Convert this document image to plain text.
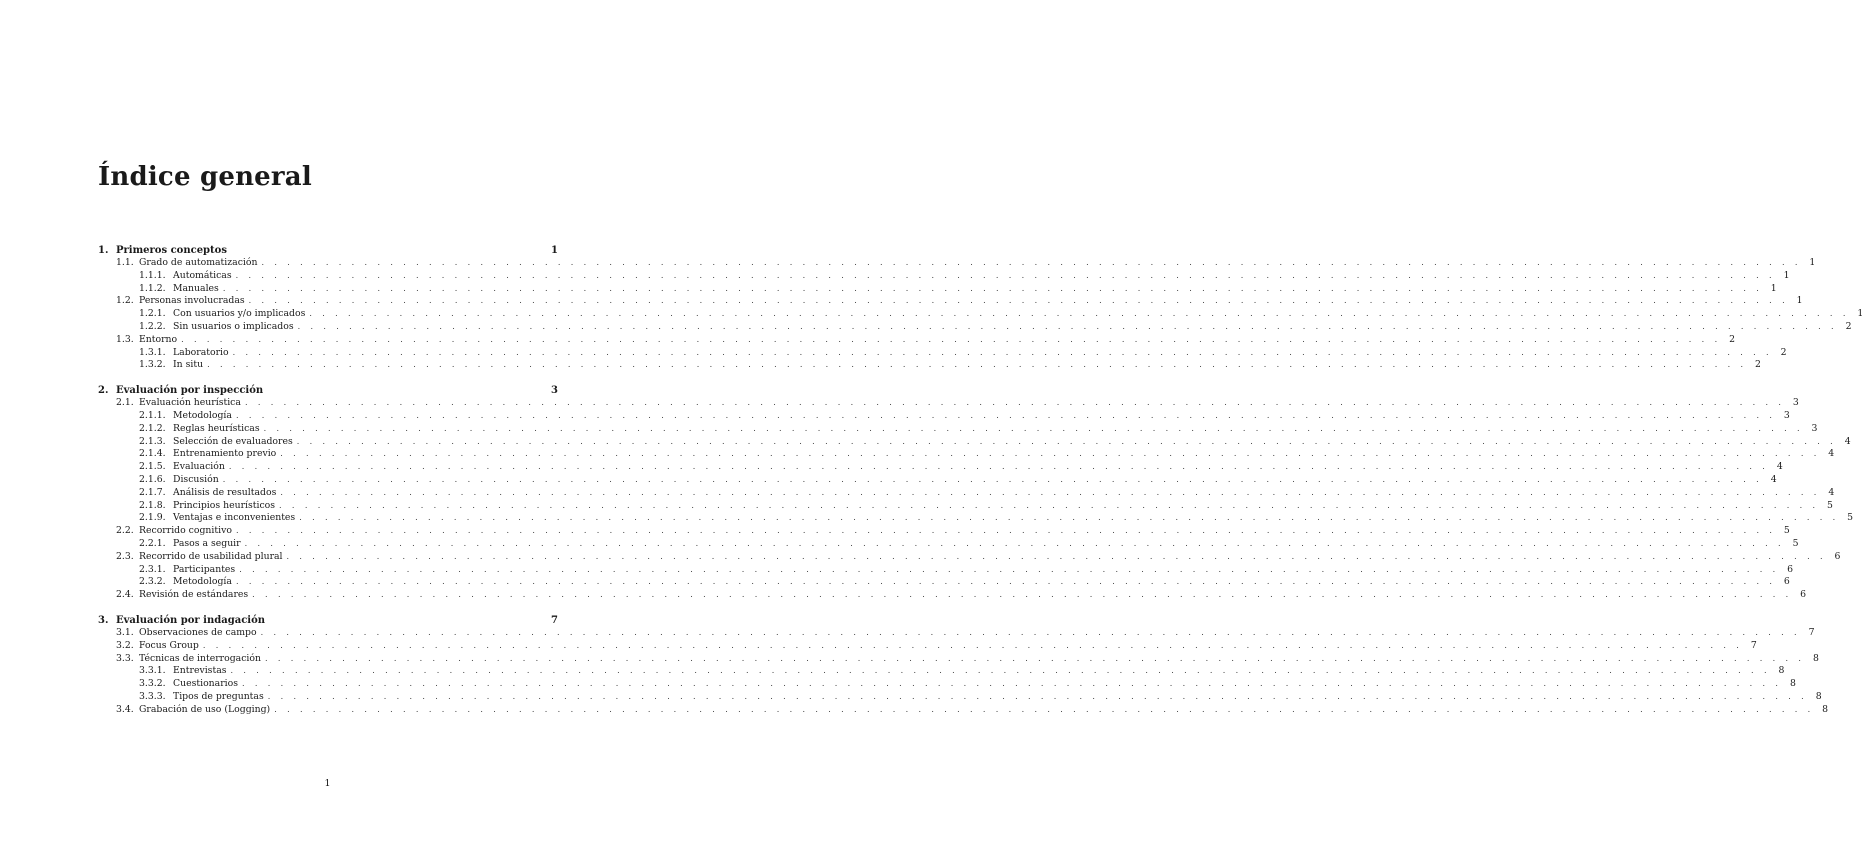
Índice general
1. Primeros conceptos	1
1.1. Grado de automatización . . . . . . . . . . . . . . . . . . . . . . . . . . . . . . . . . . . . . . . . . . . . . . . . . . . . . . . . . . . . . . . . . . . . . . . . . . . . . . . . . . . . . . . . . . . . . . . . . . . . . . . . . . . . . . . . . . . . . . . . 1
1.1.1. Automáticas . . . . . . . . . . . . . . . . . . . . . . . . . . . . . . . . . . . . . . . . . . . . . . . . . . . . . . . . . . . . . . . . . . . . . . . . . . . . . . . . . . . . . . . . . . . . . . . . . . . . . . . . . . . . . . . . . . . . . . . . 1
1.1.2. Manuales . . . . . . . . . . . . . . . . . . . . . . . . . . . . . . . . . . . . . . . . . . . . . . . . . . . . . . . . . . . . . . . . . . . . . . . . . . . . . . . . . . . . . . . . . . . . . . . . . . . . . . . . . . . . . . . . . . . . . . . . 1
1.2. Personas involucradas . . . . . . . . . . . . . . . . . . . . . . . . . . . . . . . . . . . . . . . . . . . . . . . . . . . . . . . . . . . . . . . . . . . . . . . . . . . . . . . . . . . . . . . . . . . . . . . . . . . . . . . . . . . . . . . . . . . . . . . . 1
1.2.1. Con usuarios y/o implicados . . . . . . . . . . . . . . . . . . . . . . . . . . . . . . . . . . . . . . . . . . . . . . . . . . . . . . . . . . . . . . . . . . . . . . . . . . . . . . . . . . . . . . . . . . . . . . . . . . . . . . . . . . . . . . . . . . . . . . . . 1
1.2.2. Sin usuarios o implicados . . . . . . . . . . . . . . . . . . . . . . . . . . . . . . . . . . . . . . . . . . . . . . . . . . . . . . . . . . . . . . . . . . . . . . . . . . . . . . . . . . . . . . . . . . . . . . . . . . . . . . . . . . . . . . . . . . . . . . . . 2
1.3. Entorno . . . . . . . . . . . . . . . . . . . . . . . . . . . . . . . . . . . . . . . . . . . . . . . . . . . . . . . . . . . . . . . . . . . . . . . . . . . . . . . . . . . . . . . . . . . . . . . . . . . . . . . . . . . . . . . . . . . . . . . . 2
1.3.1. Laboratorio . . . . . . . . . . . . . . . . . . . . . . . . . . . . . . . . . . . . . . . . . . . . . . . . . . . . . . . . . . . . . . . . . . . . . . . . . . . . . . . . . . . . . . . . . . . . . . . . . . . . . . . . . . . . . . . . . . . . . . . . 2
1.3.2. In situ . . . . . . . . . . . . . . . . . . . . . . . . . . . . . . . . . . . . . . . . . . . . . . . . . . . . . . . . . . . . . . . . . . . . . . . . . . . . . . . . . . . . . . . . . . . . . . . . . . . . . . . . . . . . . . . . . . . . . . . . 2
2. Evaluación por inspección	3
2.1. Evaluación heurística . . . . . . . . . . . . . . . . . . . . . . . . . . . . . . . . . . . . . . . . . . . . . . . . . . . . . . . . . . . . . . . . . . . . . . . . . . . . . . . . . . . . . . . . . . . . . . . . . . . . . . . . . . . . . . . . . . . . . . . . 3
2.1.1. Metodología . . . . . . . . . . . . . . . . . . . . . . . . . . . . . . . . . . . . . . . . . . . . . . . . . . . . . . . . . . . . . . . . . . . . . . . . . . . . . . . . . . . . . . . . . . . . . . . . . . . . . . . . . . . . . . . . . . . . . . . . 3
2.1.2. Reglas heurísticas . . . . . . . . . . . . . . . . . . . . . . . . . . . . . . . . . . . . . . . . . . . . . . . . . . . . . . . . . . . . . . . . . . . . . . . . . . . . . . . . . . . . . . . . . . . . . . . . . . . . . . . . . . . . . . . . . . . . . . . . 3
2.1.3. Selección de evaluadores . . . . . . . . . . . . . . . . . . . . . . . . . . . . . . . . . . . . . . . . . . . . . . . . . . . . . . . . . . . . . . . . . . . . . . . . . . . . . . . . . . . . . . . . . . . . . . . . . . . . . . . . . . . . . . . . . . . . . . . . 4
2.1.4. Entrenamiento previo . . . . . . . . . . . . . . . . . . . . . . . . . . . . . . . . . . . . . . . . . . . . . . . . . . . . . . . . . . . . . . . . . . . . . . . . . . . . . . . . . . . . . . . . . . . . . . . . . . . . . . . . . . . . . . . . . . . . . . . . 4
2.1.5. Evaluación . . . . . . . . . . . . . . . . . . . . . . . . . . . . . . . . . . . . . . . . . . . . . . . . . . . . . . . . . . . . . . . . . . . . . . . . . . . . . . . . . . . . . . . . . . . . . . . . . . . . . . . . . . . . . . . . . . . . . . . . 4
2.1.6. Discusión . . . . . . . . . . . . . . . . . . . . . . . . . . . . . . . . . . . . . . . . . . . . . . . . . . . . . . . . . . . . . . . . . . . . . . . . . . . . . . . . . . . . . . . . . . . . . . . . . . . . . . . . . . . . . . . . . . . . . . . . 4
2.1.7. Análisis de resultados . . . . . . . . . . . . . . . . . . . . . . . . . . . . . . . . . . . . . . . . . . . . . . . . . . . . . . . . . . . . . . . . . . . . . . . . . . . . . . . . . . . . . . . . . . . . . . . . . . . . . . . . . . . . . . . . . . . . . . . . 4
2.1.8. Principios heurísticos . . . . . . . . . . . . . . . . . . . . . . . . . . . . . . . . . . . . . . . . . . . . . . . . . . . . . . . . . . . . . . . . . . . . . . . . . . . . . . . . . . . . . . . . . . . . . . . . . . . . . . . . . . . . . . . . . . . . . . . . 5
2.1.9. Ventajas e inconvenientes . . . . . . . . . . . . . . . . . . . . . . . . . . . . . . . . . . . . . . . . . . . . . . . . . . . . . . . . . . . . . . . . . . . . . . . . . . . . . . . . . . . . . . . . . . . . . . . . . . . . . . . . . . . . . . . . . . . . . . . . 5
2.2. Recorrido cognitivo . . . . . . . . . . . . . . . . . . . . . . . . . . . . . . . . . . . . . . . . . . . . . . . . . . . . . . . . . . . . . . . . . . . . . . . . . . . . . . . . . . . . . . . . . . . . . . . . . . . . . . . . . . . . . . . . . . . . . . . . 5
2.2.1. Pasos a seguir . . . . . . . . . . . . . . . . . . . . . . . . . . . . . . . . . . . . . . . . . . . . . . . . . . . . . . . . . . . . . . . . . . . . . . . . . . . . . . . . . . . . . . . . . . . . . . . . . . . . . . . . . . . . . . . . . . . . . . . . 5
2.3. Recorrido de usabilidad plural . . . . . . . . . . . . . . . . . . . . . . . . . . . . . . . . . . . . . . . . . . . . . . . . . . . . . . . . . . . . . . . . . . . . . . . . . . . . . . . . . . . . . . . . . . . . . . . . . . . . . . . . . . . . . . . . . . . . . . . . 6
2.3.1. Participantes . . . . . . . . . . . . . . . . . . . . . . . . . . . . . . . . . . . . . . . . . . . . . . . . . . . . . . . . . . . . . . . . . . . . . . . . . . . . . . . . . . . . . . . . . . . . . . . . . . . . . . . . . . . . . . . . . . . . . . . . 6
2.3.2. Metodología . . . . . . . . . . . . . . . . . . . . . . . . . . . . . . . . . . . . . . . . . . . . . . . . . . . . . . . . . . . . . . . . . . . . . . . . . . . . . . . . . . . . . . . . . . . . . . . . . . . . . . . . . . . . . . . . . . . . . . . . 6
2.4. Revisión de estándares . . . . . . . . . . . . . . . . . . . . . . . . . . . . . . . . . . . . . . . . . . . . . . . . . . . . . . . . . . . . . . . . . . . . . . . . . . . . . . . . . . . . . . . . . . . . . . . . . . . . . . . . . . . . . . . . . . . . . . . . 6
3. Evaluación por indagación	7
3.1. Observaciones de campo . . . . . . . . . . . . . . . . . . . . . . . . . . . . . . . . . . . . . . . . . . . . . . . . . . . . . . . . . . . . . . . . . . . . . . . . . . . . . . . . . . . . . . . . . . . . . . . . . . . . . . . . . . . . . . . . . . . . . . . . 7
3.2. Focus Group . . . . . . . . . . . . . . . . . . . . . . . . . . . . . . . . . . . . . . . . . . . . . . . . . . . . . . . . . . . . . . . . . . . . . . . . . . . . . . . . . . . . . . . . . . . . . . . . . . . . . . . . . . . . . . . . . . . . . . . . 7
3.3. Técnicas de interrogación . . . . . . . . . . . . . . . . . . . . . . . . . . . . . . . . . . . . . . . . . . . . . . . . . . . . . . . . . . . . . . . . . . . . . . . . . . . . . . . . . . . . . . . . . . . . . . . . . . . . . . . . . . . . . . . . . . . . . . . . 8
3.3.1. Entrevistas . . . . . . . . . . . . . . . . . . . . . . . . . . . . . . . . . . . . . . . . . . . . . . . . . . . . . . . . . . . . . . . . . . . . . . . . . . . . . . . . . . . . . . . . . . . . . . . . . . . . . . . . . . . . . . . . . . . . . . . . 8
3.3.2. Cuestionarios . . . . . . . . . . . . . . . . . . . . . . . . . . . . . . . . . . . . . . . . . . . . . . . . . . . . . . . . . . . . . . . . . . . . . . . . . . . . . . . . . . . . . . . . . . . . . . . . . . . . . . . . . . . . . . . . . . . . . . . . 8
3.3.3. Tipos de preguntas . . . . . . . . . . . . . . . . . . . . . . . . . . . . . . . . . . . . . . . . . . . . . . . . . . . . . . . . . . . . . . . . . . . . . . . . . . . . . . . . . . . . . . . . . . . . . . . . . . . . . . . . . . . . . . . . . . . . . . . . 8
3.4. Grabación de uso (Logging) . . . . . . . . . . . . . . . . . . . . . . . . . . . . . . . . . . . . . . . . . . . . . . . . . . . . . . . . . . . . . . . . . . . . . . . . . . . . . . . . . . . . . . . . . . . . . . . . . . . . . . . . . . . . . . . . . . . . . . . . 8
1
